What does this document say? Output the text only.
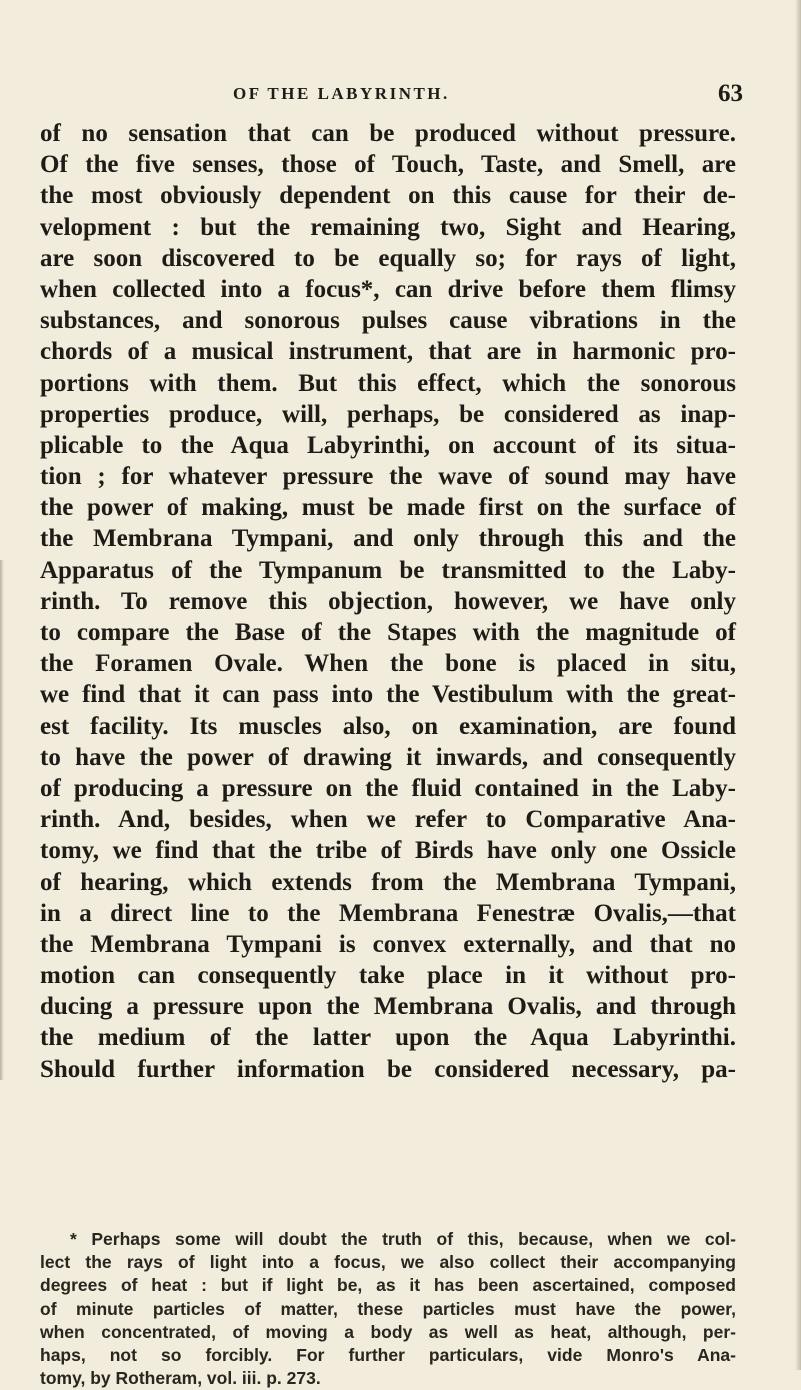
OF THE LABYRINTH.	63
of no sensation that can be produced without pressure.
Of the five senses, those of Touch, Taste, and Smell, are
the most obviously dependent on this cause for their de-
velopment : but the remaining two, Sight and Hearing,
are soon discovered to be equally so; for rays of light,
when collected into a focus*, can drive before them flimsy
substances, and sonorous pulses cause vibrations in the
chords of a musical instrument, that are in harmonic pro-
portions with them. But this effect, which the sonorous
properties produce, will, perhaps, be considered as inap-
plicable to the Aqua Labyrinthi, on account of its situa-
tion ; for whatever pressure the wave of sound may have
the power of making, must be made first on the surface of
the Membrana Tympani, and only through this and the
Apparatus of the Tympanum be transmitted to the Laby-
rinth. To remove this objection, however, we have only
to compare the Base of the Stapes with the magnitude of
the Foramen Ovale. When the bone is placed in situ,
we find that it can pass into the Vestibulum with the great-
est facility. Its muscles also, on examination, are found
to have the power of drawing it inwards, and consequently
of producing a pressure on the fluid contained in the Laby-
rinth. And, besides, when we refer to Comparative Ana-
tomy, we find that the tribe of Birds have only one Ossicle
of hearing, which extends from the Membrana Tympani,
in a direct line to the Membrana Fenestræ Ovalis,—that
the Membrana Tympani is convex externally, and that no
motion can consequently take place in it without pro-
ducing a pressure upon the Membrana Ovalis, and through
the medium of the latter upon the Aqua Labyrinthi.
Should further information be considered necessary, pa-
* Perhaps some will doubt the truth of this, because, when we col-
lect the rays of light into a focus, we also collect their accompanying
degrees of heat : but if light be, as it has been ascertained, composed
of minute particles of matter, these particles must have the power,
when concentrated, of moving a body as well as heat, although, per-
haps, not so forcibly. For further particulars, vide Monro's Ana-
tomy, by Rotheram, vol. iii. p. 273.
